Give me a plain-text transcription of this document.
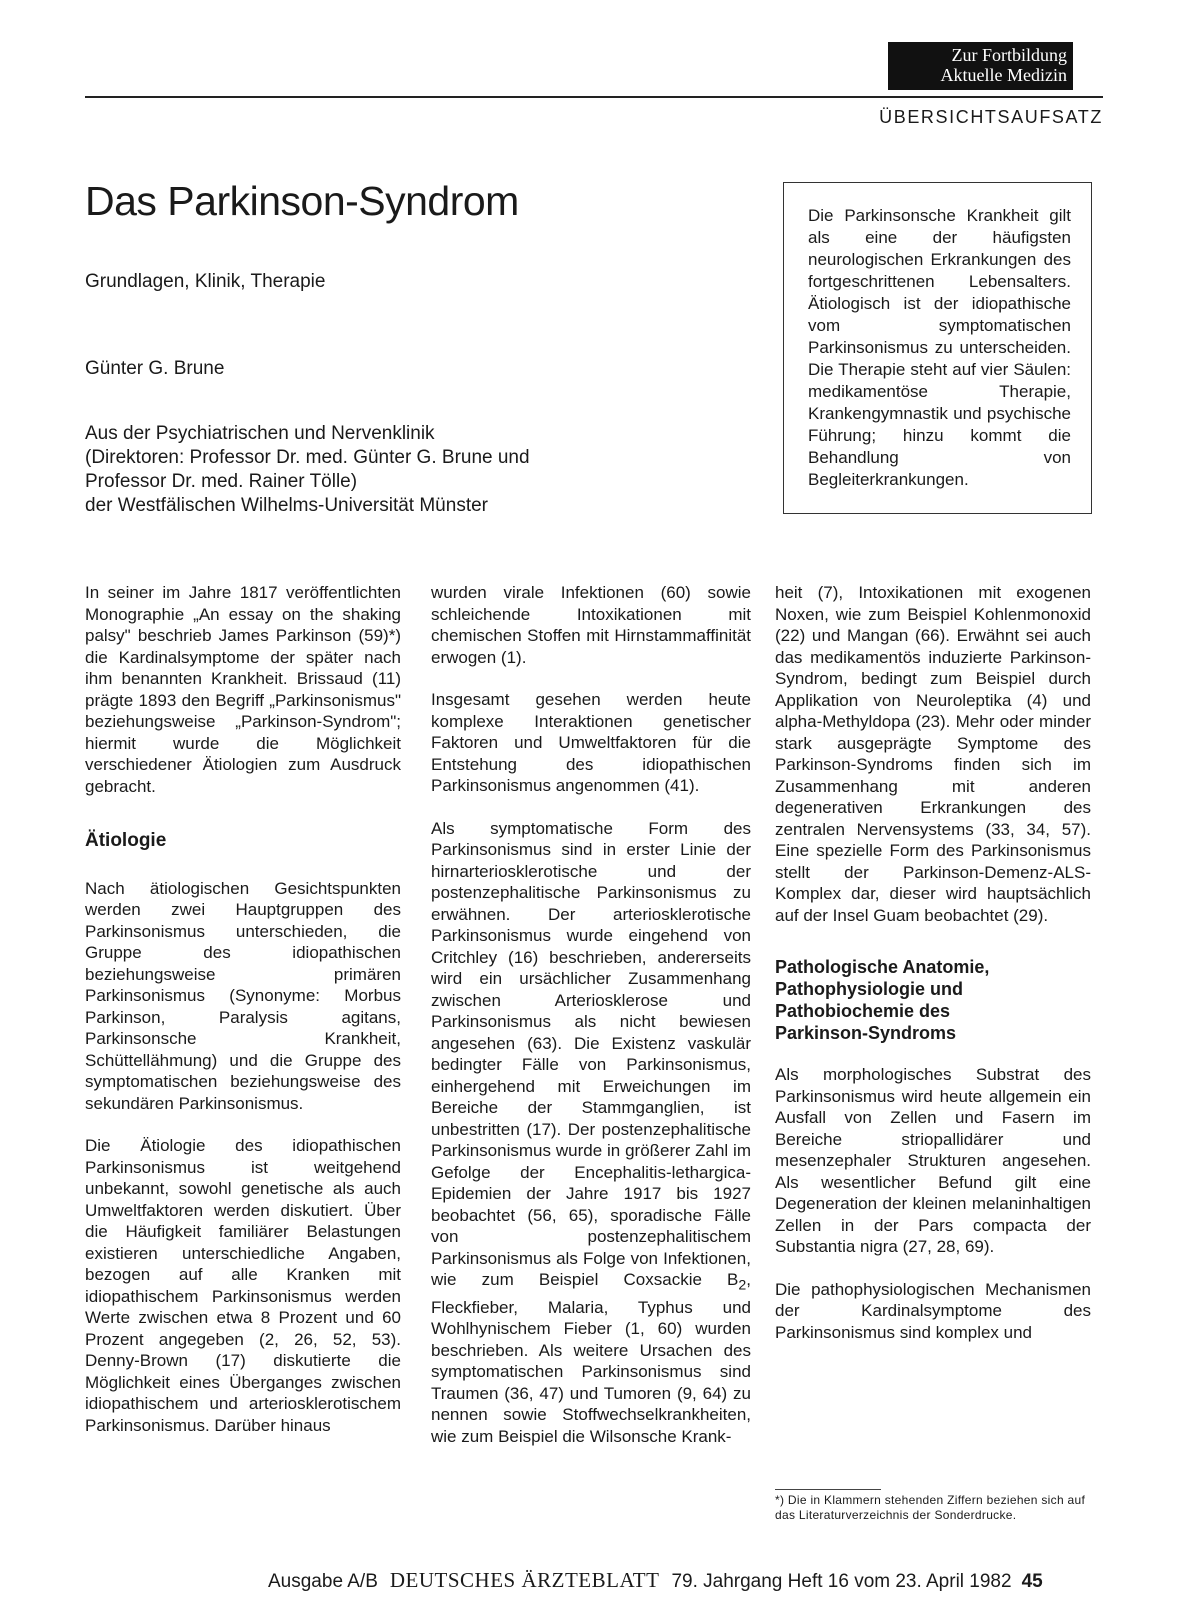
Zur Fortbildung
Aktuelle Medizin
ÜBERSICHTSAUFSATZ
Das Parkinson-Syndrom
Grundlagen, Klinik, Therapie
Günter G. Brune
Aus der Psychiatrischen und Nervenklinik
(Direktoren: Professor Dr. med. Günter G. Brune und
Professor Dr. med. Rainer Tölle)
der Westfälischen Wilhelms-Universität Münster
Die Parkinsonsche Krankheit gilt als eine der häufigsten neurologischen Erkrankungen des fortgeschrittenen Lebensalters. Ätiologisch ist der idiopathische vom symptomatischen Parkinsonismus zu unterscheiden. Die Therapie steht auf vier Säulen: medikamentöse Therapie, Krankengymnastik und psychische Führung; hinzu kommt die Behandlung von Begleiterkrankungen.

In seiner im Jahre 1817 veröffentlichten Monographie „An essay on the shaking palsy" beschrieb James Parkinson (59)*) die Kardinalsymptome der später nach ihm benannten Krankheit. Brissaud (11) prägte 1893 den Begriff „Parkinsonismus" beziehungsweise „Parkinson-Syndrom"; hiermit wurde die Möglichkeit verschiedener Ätiologien zum Ausdruck gebracht.

Ätiologie

Nach ätiologischen Gesichtspunkten werden zwei Hauptgruppen des Parkinsonismus unterschieden, die Gruppe des idiopathischen beziehungsweise primären Parkinsonismus (Synonyme: Morbus Parkinson, Paralysis agitans, Parkinsonsche Krankheit, Schüttellähmung) und die Gruppe des symptomatischen beziehungsweise des sekundären Parkinsonismus.

Die Ätiologie des idiopathischen Parkinsonismus ist weitgehend unbekannt, sowohl genetische als auch Umweltfaktoren werden diskutiert. Über die Häufigkeit familiärer Belastungen existieren unterschiedliche Angaben, bezogen auf alle Kranken mit idiopathischem Parkinsonismus werden Werte zwischen etwa 8 Prozent und 60 Prozent angegeben (2, 26, 52, 53). Denny-Brown (17) diskutierte die Möglichkeit eines Überganges zwischen idiopathischem und arteriosklerotischem Parkinsonismus. Darüber hinaus

wurden virale Infektionen (60) sowie schleichende Intoxikationen mit chemischen Stoffen mit Hirnstammaffinität erwogen (1).

Insgesamt gesehen werden heute komplexe Interaktionen genetischer Faktoren und Umweltfaktoren für die Entstehung des idiopathischen Parkinsonismus angenommen (41).

Als symptomatische Form des Parkinsonismus sind in erster Linie der hirnarteriosklerotische und der postenzephalitische Parkinsonismus zu erwähnen. Der arteriosklerotische Parkinsonismus wurde eingehend von Critchley (16) beschrieben, andererseits wird ein ursächlicher Zusammenhang zwischen Arteriosklerose und Parkinsonismus als nicht bewiesen angesehen (63). Die Existenz vaskulär bedingter Fälle von Parkinsonismus, einhergehend mit Erweichungen im Bereiche der Stammganglien, ist unbestritten (17). Der postenzephalitische Parkinsonismus wurde in größerer Zahl im Gefolge der Encephalitis-lethargica-Epidemien der Jahre 1917 bis 1927 beobachtet (56, 65), sporadische Fälle von postenzephalitischem Parkinsonismus als Folge von Infektionen, wie zum Beispiel Coxsackie $B_2$, Fleckfieber, Malaria, Typhus und Wohlhynischem Fieber (1, 60) wurden beschrieben. Als weitere Ursachen des symptomatischen Parkinsonismus sind Traumen (36, 47) und Tumoren (9, 64) zu nennen sowie Stoffwechselkrankheiten, wie zum Beispiel die Wilsonsche Krank-

heit (7), Intoxikationen mit exogenen Noxen, wie zum Beispiel Kohlenmonoxid (22) und Mangan (66). Erwähnt sei auch das medikamentös induzierte Parkinson-Syndrom, bedingt zum Beispiel durch Applikation von Neuroleptika (4) und alpha-Methyldopa (23). Mehr oder minder stark ausgeprägte Symptome des Parkinson-Syndroms finden sich im Zusammenhang mit anderen degenerativen Erkrankungen des zentralen Nervensystems (33, 34, 57). Eine spezielle Form des Parkinsonismus stellt der Parkinson-Demenz-ALS-Komplex dar, dieser wird hauptsächlich auf der Insel Guam beobachtet (29).

Pathologische Anatomie,
Pathophysiologie und
Pathobiochemie des
Parkinson-Syndroms

Als morphologisches Substrat des Parkinsonismus wird heute allgemein ein Ausfall von Zellen und Fasern im Bereiche striopallidärer und mesenzephaler Strukturen angesehen. Als wesentlicher Befund gilt eine Degeneration der kleinen melaninhaltigen Zellen in der Pars compacta der Substantia nigra (27, 28, 69).

Die pathophysiologischen Mechanismen der Kardinalsymptome des Parkinsonismus sind komplex und

*) Die in Klammern stehenden Ziffern beziehen sich auf das Literaturverzeichnis der Sonderdrucke.
Ausgabe A/B DEUTSCHES ÄRZTEBLATT 79. Jahrgang Heft 16 vom 23. April 1982 45
